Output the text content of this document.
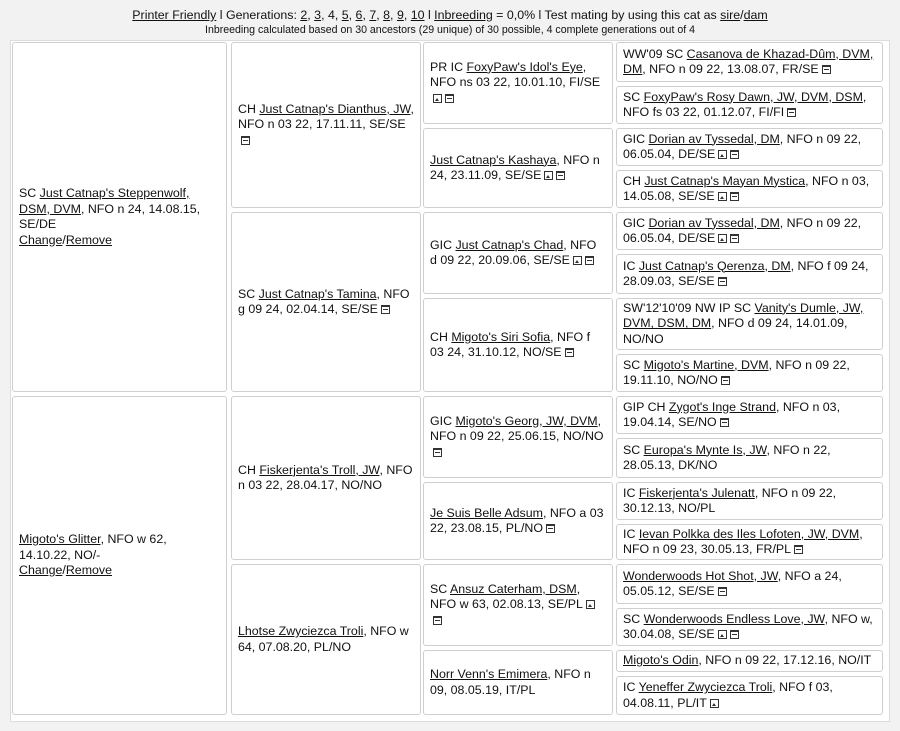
Printer Friendly l Generations: 2, 3, 4, 5, 6, 7, 8, 9, 10 l Inbreeding = 0,0% l Test mating by using this cat as sire/dam
Inbreeding calculated based on 30 ancestors (29 unique) of 30 possible, 4 complete generations out of 4
SC Just Catnap's Steppenwolf, DSM, DVM, NFO n 24, 14.08.15, SE/DE
Change/Remove
Migoto's Glitter, NFO w 62, 14.10.22, NO/-
Change/Remove
CH Just Catnap's Dianthus, JW, NFO n 03 22, 17.11.11, SE/SE
SC Just Catnap's Tamina, NFO g 09 24, 02.04.14, SE/SE
CH Fiskerjenta's Troll, JW, NFO n 03 22, 28.04.17, NO/NO
Lhotse Zwyciezca Troli, NFO w 64, 07.08.20, PL/NO
PR IC FoxyPaw's Idol's Eye, NFO ns 03 22, 10.01.10, FI/SE
Just Catnap's Kashaya, NFO n 24, 23.11.09, SE/SE
GIC Just Catnap's Chad, NFO d 09 22, 20.09.06, SE/SE
CH Migoto's Siri Sofia, NFO f 03 24, 31.10.12, NO/SE
GIC Migoto's Georg, JW, DVM, NFO n 09 22, 25.06.15, NO/NO
Je Suis Belle Adsum, NFO a 03 22, 23.08.15, PL/NO
SC Ansuz Caterham, DSM, NFO w 63, 02.08.13, SE/PL
Norr Venn's Emimera, NFO n 09, 08.05.19, IT/PL
WW'09 SC Casanova de Khazad-Dûm, DVM, DM, NFO n 09 22, 13.08.07, FR/SE
SC FoxyPaw's Rosy Dawn, JW, DVM, DSM, NFO fs 03 22, 01.12.07, FI/FI
GIC Dorian av Tyssedal, DM, NFO n 09 22, 06.05.04, DE/SE
CH Just Catnap's Mayan Mystica, NFO n 03, 14.05.08, SE/SE
GIC Dorian av Tyssedal, DM, NFO n 09 22, 06.05.04, DE/SE
IC Just Catnap's Qerenza, DM, NFO f 09 24, 28.09.03, SE/SE
SW'12'10'09 NW IP SC Vanity's Dumle, JW, DVM, DSM, DM, NFO d 09 24, 14.01.09, NO/NO
SC Migoto's Martine, DVM, NFO n 09 22, 19.11.10, NO/NO
GIP CH Zygot's Inge Strand, NFO n 03, 19.04.14, SE/NO
SC Europa's Mynte Is, JW, NFO n 22, 28.05.13, DK/NO
IC Fiskerjenta's Julenatt, NFO n 09 22, 30.12.13, NO/PL
IC Ievan Polkka des Iles Lofoten, JW, DVM, NFO n 09 23, 30.05.13, FR/PL
Wonderwoods Hot Shot, JW, NFO a 24, 05.05.12, SE/SE
SC Wonderwoods Endless Love, JW, NFO w, 30.04.08, SE/SE
Migoto's Odin, NFO n 09 22, 17.12.16, NO/IT
IC Yeneffer Zwyciezca Troli, NFO f 03, 04.08.11, PL/IT
